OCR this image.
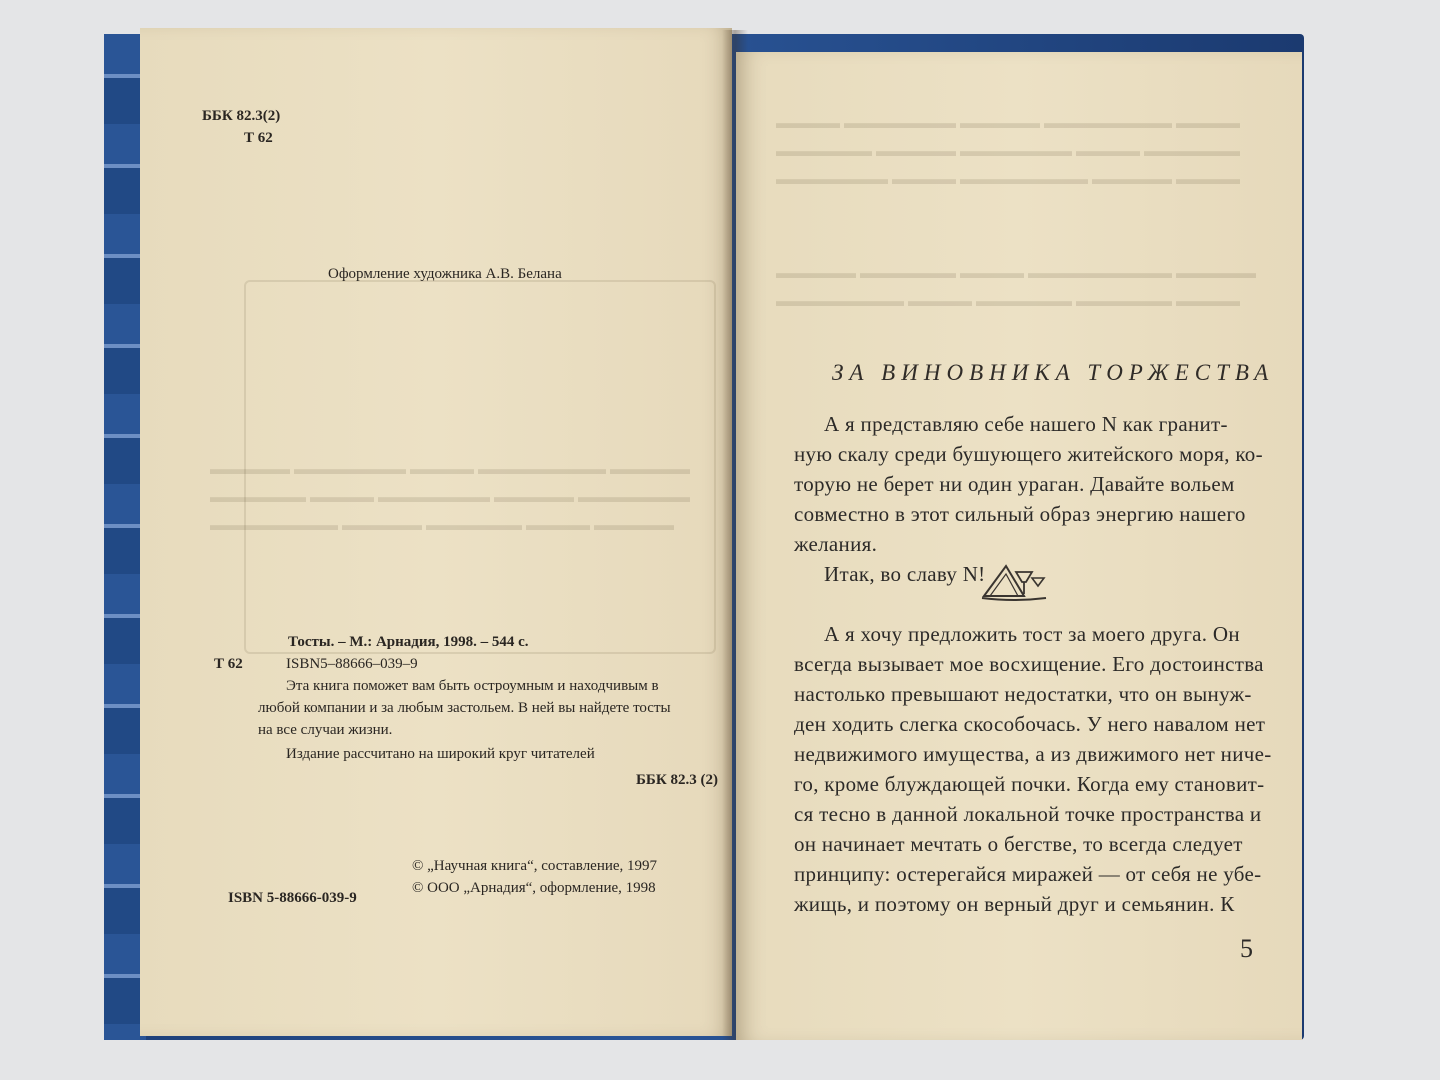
▬▬▬▬▬ ▬▬▬▬▬▬▬ ▬▬▬▬ ▬▬▬▬▬▬▬▬ ▬▬▬▬▬
▬▬▬▬▬▬ ▬▬▬▬ ▬▬▬▬▬▬▬ ▬▬▬▬▬ ▬▬▬▬▬▬▬
▬▬▬▬▬▬▬▬ ▬▬▬▬▬ ▬▬▬▬▬▬ ▬▬▬▬ ▬▬▬▬▬
ББК 82.3(2)
Т 62
Оформление художника А.В. Белана
Тосты. – М.: Арнадия, 1998. – 544 с.
Т 62	ISBN5–88666–039–9
Эта книга поможет вам быть остроумным и находчивым в
любой компании и за любым застольем. В ней вы найдете тосты
на все случаи жизни.
Издание рассчитано на широкий круг читателей
ББК 82.3 (2)
© „Научная книга“, составление, 1997
© ООО „Арнадия“, оформление, 1998
ISBN 5-88666-039-9
▬▬▬▬ ▬▬▬▬▬▬▬ ▬▬▬▬▬ ▬▬▬▬▬▬▬▬ ▬▬▬▬
▬▬▬▬▬▬ ▬▬▬▬▬ ▬▬▬▬▬▬▬ ▬▬▬▬ ▬▬▬▬▬▬
▬▬▬▬▬▬▬ ▬▬▬▬ ▬▬▬▬▬▬▬▬ ▬▬▬▬▬ ▬▬▬▬
▬▬▬▬▬ ▬▬▬▬▬▬ ▬▬▬▬ ▬▬▬▬▬▬▬▬▬ ▬▬▬▬▬
▬▬▬▬▬▬▬▬ ▬▬▬▬ ▬▬▬▬▬▬ ▬▬▬▬▬▬ ▬▬▬▬
ЗА ВИНОВНИКА ТОРЖЕСТВА
А я представляю себе нашего N как гранит-
ную скалу среди бушующего житейского моря, ко-
торую не берет ни один ураган. Давайте вольем
совместно в этот сильный образ энергию нашего
желания.
Итак, во славу N!
А я хочу предложить тост за моего друга. Он
всегда вызывает мое восхищение. Его достоинства
настолько превышают недостатки, что он вынуж-
ден ходить слегка скособочась. У него навалом нет
недвижимого имущества, а из движимого нет ниче-
го, кроме блуждающей почки. Когда ему становит-
ся тесно в данной локальной точке пространства и
он начинает мечтать о бегстве, то всегда следует
принципу: остерегайся миражей — от себя не убе-
жищь, и поэтому он верный друг и семьянин. К
5
